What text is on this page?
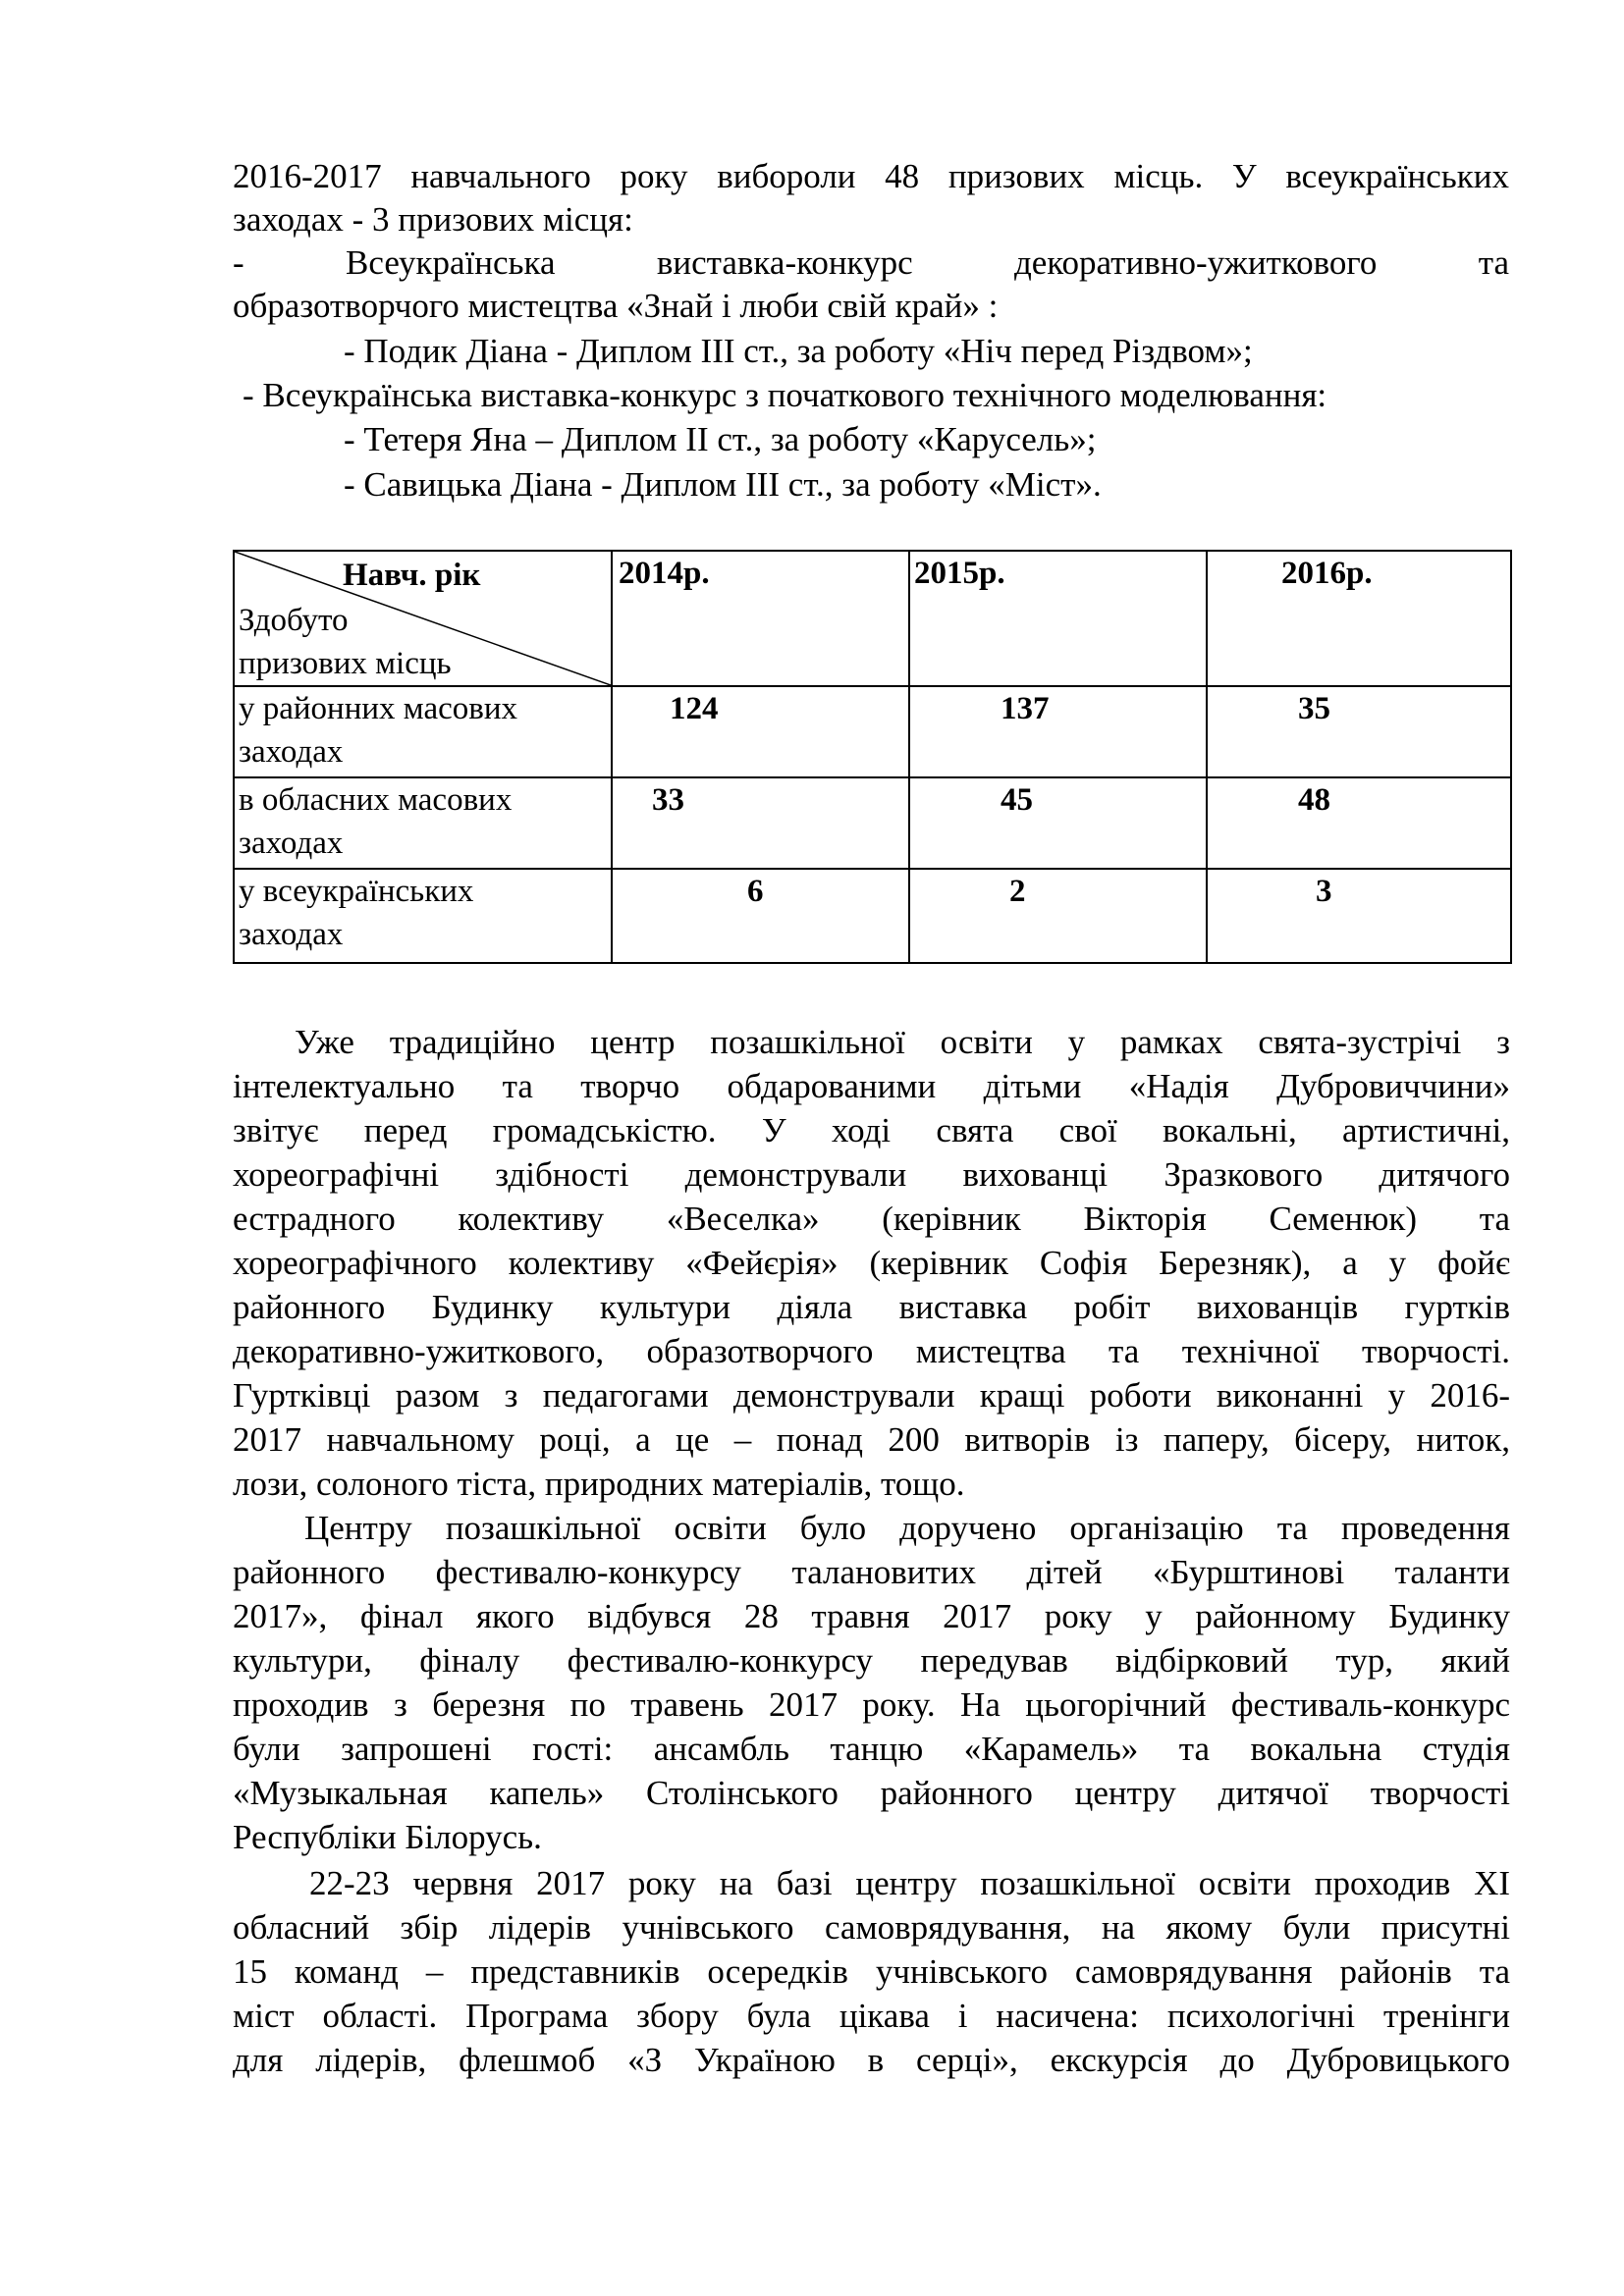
2016-2017 навчального року вибороли 48 призових місць. У всеукраїнських
заходах - 3 призових місця:
-	Всеукраїнська	виставка-конкурс	декоративно-ужиткового	та
образотворчого мистецтва «Знай і люби свій край» :
- Подик Діана - Диплом ІІІ ст., за роботу «Ніч перед Різдвом»;
- Всеукраїнська виставка-конкурс з початкового технічного моделювання:
- Тетеря Яна – Диплом ІІ ст., за роботу «Карусель»;
- Савицька Діана - Диплом ІІІ ст., за роботу «Міст».
Навч. рік
Здобуто
призових місць	2014р.	2015р.	2016р.

у районних масових
заходах	124	137	35

в обласних масових
заходах	33	45	48

у всеукраїнських
заходах	6	2	3
Уже традиційно центр позашкільної освіти у рамках свята-зустрічі з
інтелектуально та творчо обдарованими дітьми «Надія Дубровиччини»
звітує перед громадськістю. У ході свята свої вокальні, артистичні,
хореографічні здібності демонстрували вихованці Зразкового дитячого
естрадного колективу «Веселка» (керівник Вікторія Семенюк) та
хореографічного колективу «Фейєрія» (керівник Софія Березняк), а у фойє
районного Будинку культури діяла виставка робіт вихованців гуртків
декоративно-ужиткового, образотворчого мистецтва та технічної творчості.
Гуртківці разом з педагогами демонстрували кращі роботи виконанні у 2016-
2017 навчальному році, а це – понад 200 витворів із паперу, бісеру, ниток,
лози, солоного тіста, природних матеріалів, тощо.
Центру позашкільної освіти було доручено організацію та проведення
районного фестивалю-конкурсу талановитих дітей «Бурштинові таланти
2017», фінал якого відбувся 28 травня 2017 року у районному Будинку
культури, фіналу фестивалю-конкурсу передував відбірковий тур, який
проходив з березня по травень 2017 року. На цьогорічний фестиваль-конкурс
були запрошені гості: ансамбль танцю «Карамель» та вокальна студія
«Музыкальная капель» Столінського районного центру дитячої творчості
Республіки Білорусь.
22-23 червня 2017 року на базі центру позашкільної освіти проходив ХІ
обласний збір лідерів учнівського самоврядування, на якому були присутні
15 команд – представників осередків учнівського самоврядування районів та
міст області. Програма збору була цікава і насичена: психологічні тренінги
для лідерів, флешмоб «З Україною в серці», екскурсія до Дубровицького
